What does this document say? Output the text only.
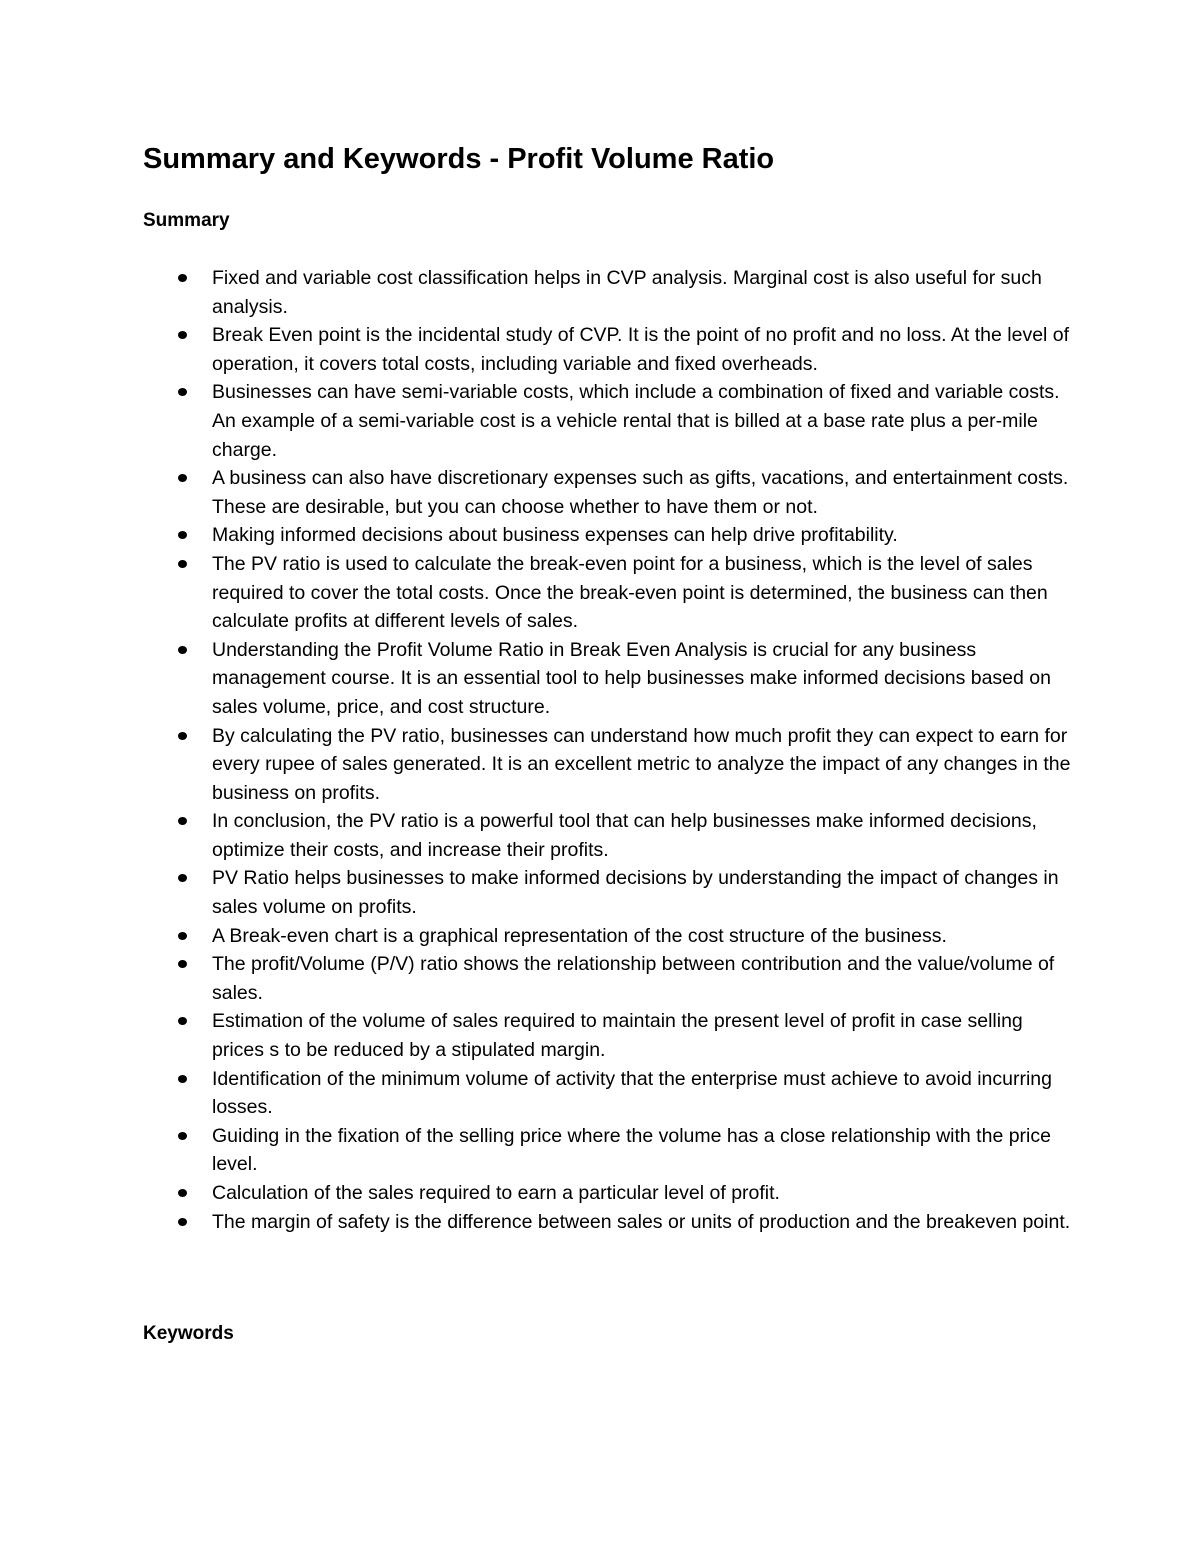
Summary and Keywords - Profit Volume Ratio
Summary
Fixed and variable cost classification helps in CVP analysis. Marginal cost is also useful for such analysis.
Break Even point is the incidental study of CVP. It is the point of no profit and no loss. At the level of operation, it covers total costs, including variable and fixed overheads.
Businesses can have semi-variable costs, which include a combination of fixed and variable costs. An example of a semi-variable cost is a vehicle rental that is billed at a base rate plus a per-mile charge.
A business can also have discretionary expenses such as gifts, vacations, and entertainment costs. These are desirable, but you can choose whether to have them or not.
Making informed decisions about business expenses can help drive profitability.
The PV ratio is used to calculate the break-even point for a business, which is the level of sales required to cover the total costs. Once the break-even point is determined, the business can then calculate profits at different levels of sales.
Understanding the Profit Volume Ratio in Break Even Analysis is crucial for any business management course. It is an essential tool to help businesses make informed decisions based on sales volume, price, and cost structure.
By calculating the PV ratio, businesses can understand how much profit they can expect to earn for every rupee of sales generated. It is an excellent metric to analyze the impact of any changes in the business on profits.
In conclusion, the PV ratio is a powerful tool that can help businesses make informed decisions, optimize their costs, and increase their profits.
PV Ratio helps businesses to make informed decisions by understanding the impact of changes in sales volume on profits.
A Break-even chart is a graphical representation of the cost structure of the business.
The profit/Volume (P/V) ratio shows the relationship between contribution and the value/volume of sales.
Estimation of the volume of sales required to maintain the present level of profit in case selling prices s to be reduced by a stipulated margin.
Identification of the minimum volume of activity that the enterprise must achieve to avoid incurring losses.
Guiding in the fixation of the selling price where the volume has a close relationship with the price level.
Calculation of the sales required to earn a particular level of profit.
The margin of safety is the difference between sales or units of production and the breakeven point.
Keywords
